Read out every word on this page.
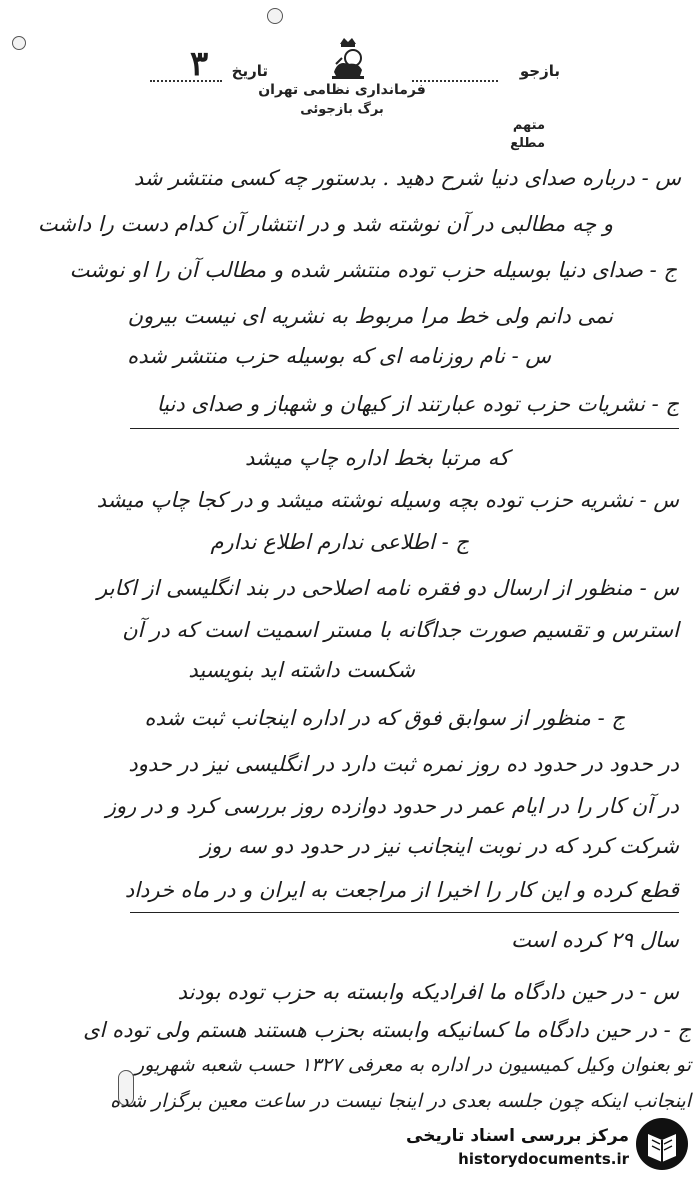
بازجو
تاریخ
۳
فرمانداری نظامی تهران
برگ بازجوئی
متهم
مطلع
س - درباره صدای دنیا شرح دهید . بدستور چه کسی منتشر شد
و چه مطالبی در آن نوشته شد و در انتشار آن کدام دست را داشت
ج - صدای دنیا بوسیله حزب توده منتشر شده و مطالب آن را او نوشت
نمی دانم ولی خط مرا مربوط به نشریه ای نیست بیرون
س - نام روزنامه ای که بوسیله حزب منتشر شده
ج - نشریات حزب توده عبارتند از کیهان و شهباز و صدای دنیا
که مرتبا بخط اداره چاپ میشد
س - نشریه حزب توده بچه وسیله نوشته میشد و در کجا چاپ میشد
ج - اطلاعی ندارم اطلاع ندارم
س - منظور از ارسال دو فقره نامه اصلاحی در بند انگلیسی از اکابر
استرس و تقسیم صورت جداگانه با مستر اسمیت است که در آن
شکست داشته اید بنویسید
ج - منظور از سوابق فوق که در اداره اینجانب ثبت شده
در حدود در حدود ده روز نمره ثبت دارد در انگلیسی نیز در حدود
در آن کار را در ایام عمر در حدود دوازده روز بررسی کرد و در روز
شرکت کرد که در نوبت اینجانب نیز در حدود دو سه روز
قطع کرده و این کار را اخیرا از مراجعت به ایران و در ماه خرداد
سال ۲۹ کرده است
س - در حین دادگاه ما افرادیکه وابسته به حزب توده بودند
ج - در حین دادگاه ما کسانیکه وابسته بحزب هستند هستم ولی توده ای
تو بعنوان وکیل کمیسیون در اداره به معرفی ۱۳۲۷ حسب شعبه شهریور
اینجانب اینکه چون جلسه بعدی در اینجا نیست در ساعت معین برگزار شده
مرکز بررسی اسناد تاریخی
historydocuments.ir
